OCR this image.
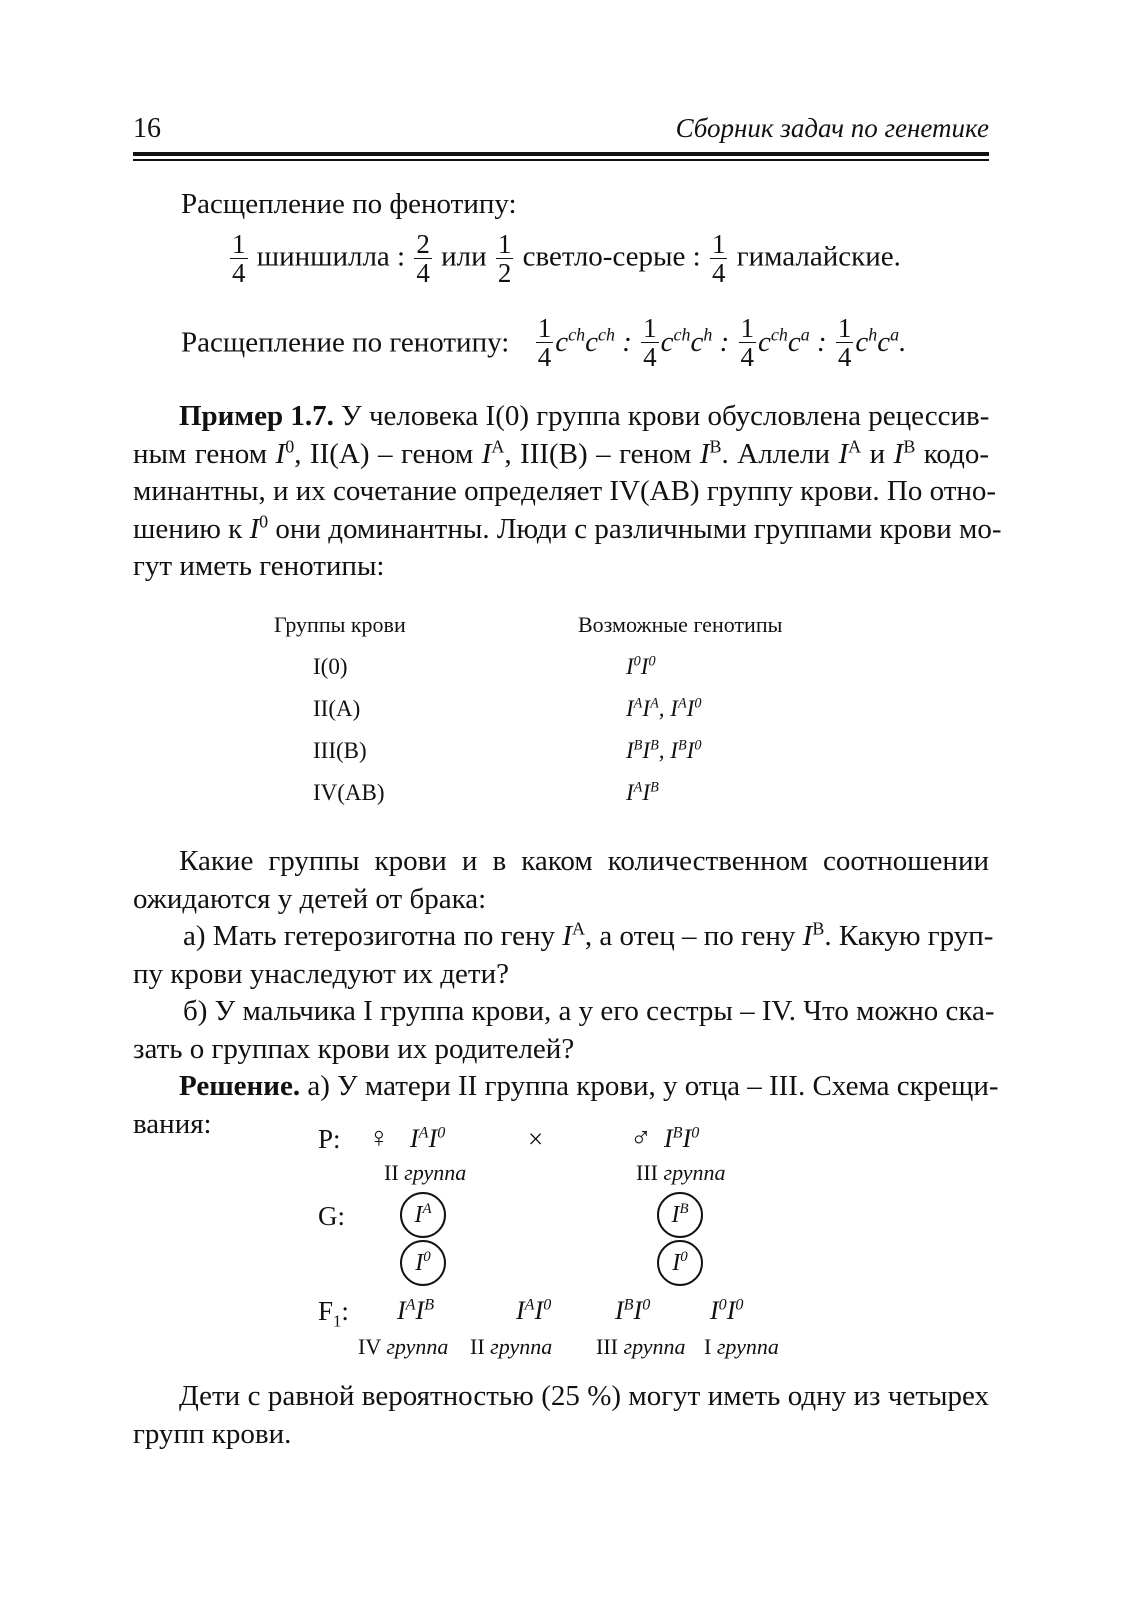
16	Сборник задач по генетике
Расщепление по фенотипу:
$\frac{1}{4}$ шиншилла : $\frac{2}{4}$ или $\frac{1}{2}$ светло-серые : $\frac{1}{4}$ гималайские.
Расщепление по генотипу: $\frac{1}{4} c^{ch}c^{ch}$ : $\frac{1}{4} c^{ch}c^h$ : $\frac{1}{4} c^{ch}c^a$ : $\frac{1}{4} c^hc^a$.
Пример 1.7. У человека I(0) группа крови обусловлена рецессив-
ным геном $I^0$, II(A) – геном $I^A$, III(B) – геном $I^B$. Аллели $I^A$ и $I^B$ кодо-
минантны, и их сочетание определяет IV(AB) группу крови. По отно-
шению к $I^0$ они доминантны. Люди с различными группами крови мо-
гут иметь генотипы:
Группы крови	Возможные генотипы
I(0)	$I^0I^0$
II(A)	$I^AI^A$, $I^AI^0$
III(B)	$I^BI^B$, $I^BI^0$
IV(AB)	$I^AI^B$
Какие группы крови и в каком количественном соотношении
ожидаются у детей от брака:
а) Мать гетерозиготна по гену $I^A$, а отец – по гену $I^B$. Какую груп-
пу крови унаследуют их дети?
б) У мальчика I группа крови, а у его сестры – IV. Что можно ска-
зать о группах крови их родителей?
Решение. а) У матери II группа крови, у отца – III. Схема скрещи-
вания:	P: ♀ $I^AI^0$	×	♂ $I^BI^0$
II группа	III группа
G:	$I^A$	$I^B$
$I^0$	$I^0$
$F_1$: $I^AI^B$	$I^AI^0$ $I^BI^0$ $I^0I^0$
IV группа II группа III группа I группа
Дети с равной вероятностью (25 %) могут иметь одну из четырех
групп крови.
